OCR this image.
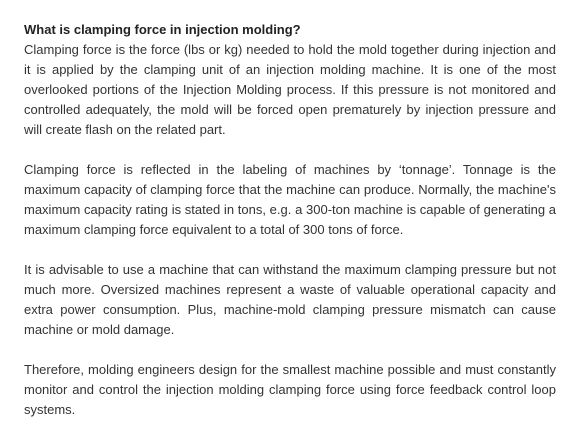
What is clamping force in injection molding?

Clamping force is the force (lbs or kg) needed to hold the mold together during injection and it is applied by the clamping unit of an injection molding machine. It is one of the most overlooked portions of the Injection Molding process. If this pressure is not monitored and controlled adequately, the mold will be forced open prematurely by injection pressure and will create flash on the related part.

Clamping force is reflected in the labeling of machines by ‘tonnage’. Tonnage is the maximum capacity of clamping force that the machine can produce. Normally, the machine's maximum capacity rating is stated in tons, e.g. a 300-ton machine is capable of generating a maximum clamping force equivalent to a total of 300 tons of force.

It is advisable to use a machine that can withstand the maximum clamping pressure but not much more. Oversized machines represent a waste of valuable operational capacity and extra power consumption. Plus, machine-mold clamping pressure mismatch can cause machine or mold damage.

Therefore, molding engineers design for the smallest machine possible and must constantly monitor and control the injection molding clamping force using force feedback control loop systems.
